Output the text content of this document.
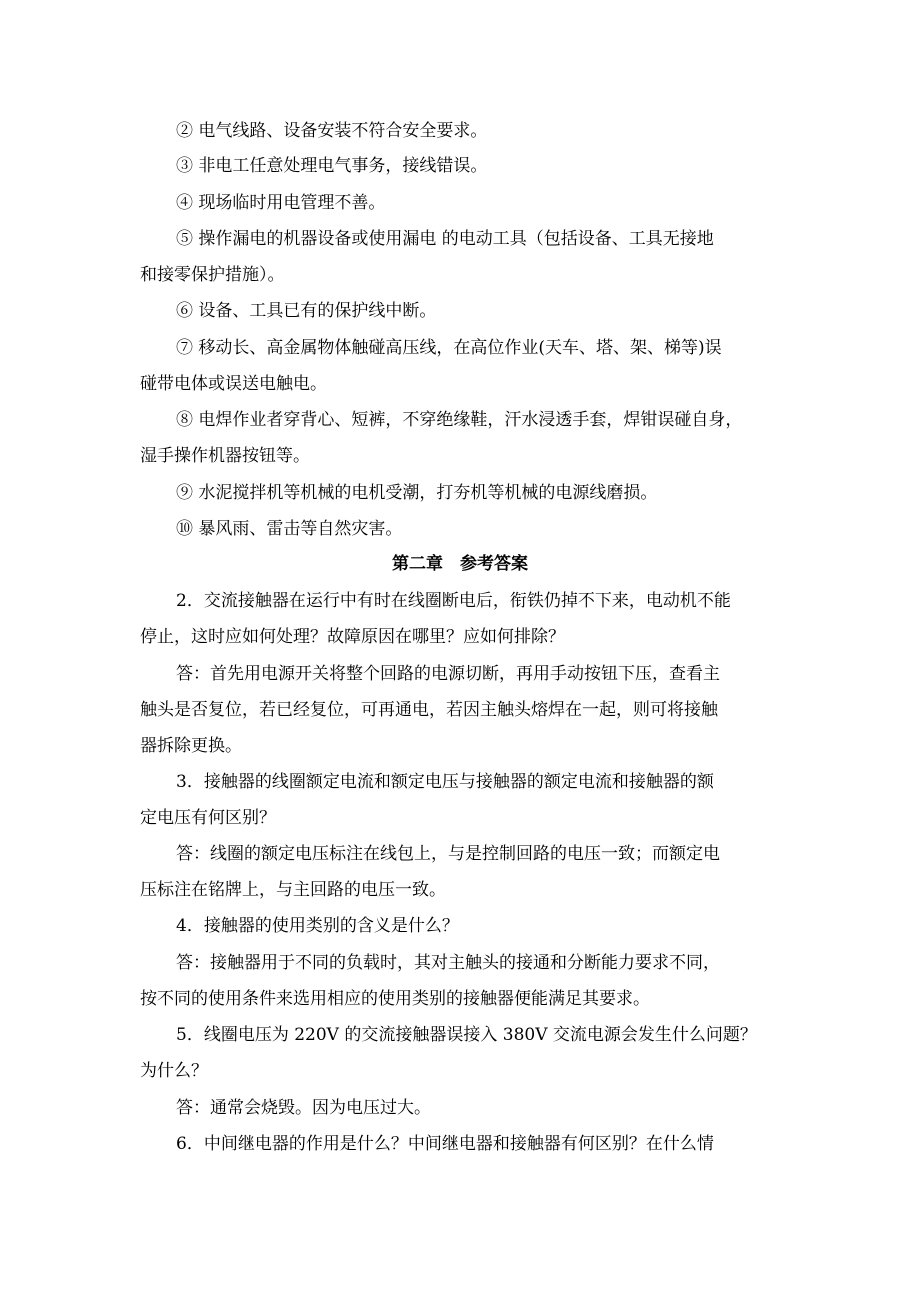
② 电气线路、设备安装不符合安全要求。

③ 非电工任意处理电气事务，接线错误。

④ 现场临时用电管理不善。

⑤ 操作漏电的机器设备或使用漏电 的电动工具（包括设备、工具无接地

和接零保护措施）。

⑥ 设备、工具已有的保护线中断。

⑦ 移动长、高金属物体触碰高压线，在高位作业(天车、塔、架、梯等)误

碰带电体或误送电触电。

⑧ 电焊作业者穿背心、短裤，不穿绝缘鞋，汗水浸透手套，焊钳误碰自身，

湿手操作机器按钮等。

⑨ 水泥搅拌机等机械的电机受潮，打夯机等机械的电源线磨损。

⑩ 暴风雨、雷击等自然灾害。

第二章　参考答案

2．交流接触器在运行中有时在线圈断电后，衔铁仍掉不下来，电动机不能

停止，这时应如何处理？故障原因在哪里？应如何排除？

答：首先用电源开关将整个回路的电源切断，再用手动按钮下压，查看主

触头是否复位，若已经复位，可再通电，若因主触头熔焊在一起，则可将接触

器拆除更换。

3．接触器的线圈额定电流和额定电压与接触器的额定电流和接触器的额

定电压有何区别？

答：线圈的额定电压标注在线包上，与是控制回路的电压一致；而额定电

压标注在铭牌上，与主回路的电压一致。

4．接触器的使用类别的含义是什么？

答：接触器用于不同的负载时，其对主触头的接通和分断能力要求不同，

按不同的使用条件来选用相应的使用类别的接触器便能满足其要求。

5．线圈电压为 220V 的交流接触器误接入 380V 交流电源会发生什么问题？

为什么？

答：通常会烧毁。因为电压过大。

6．中间继电器的作用是什么？中间继电器和接触器有何区别？在什么情
